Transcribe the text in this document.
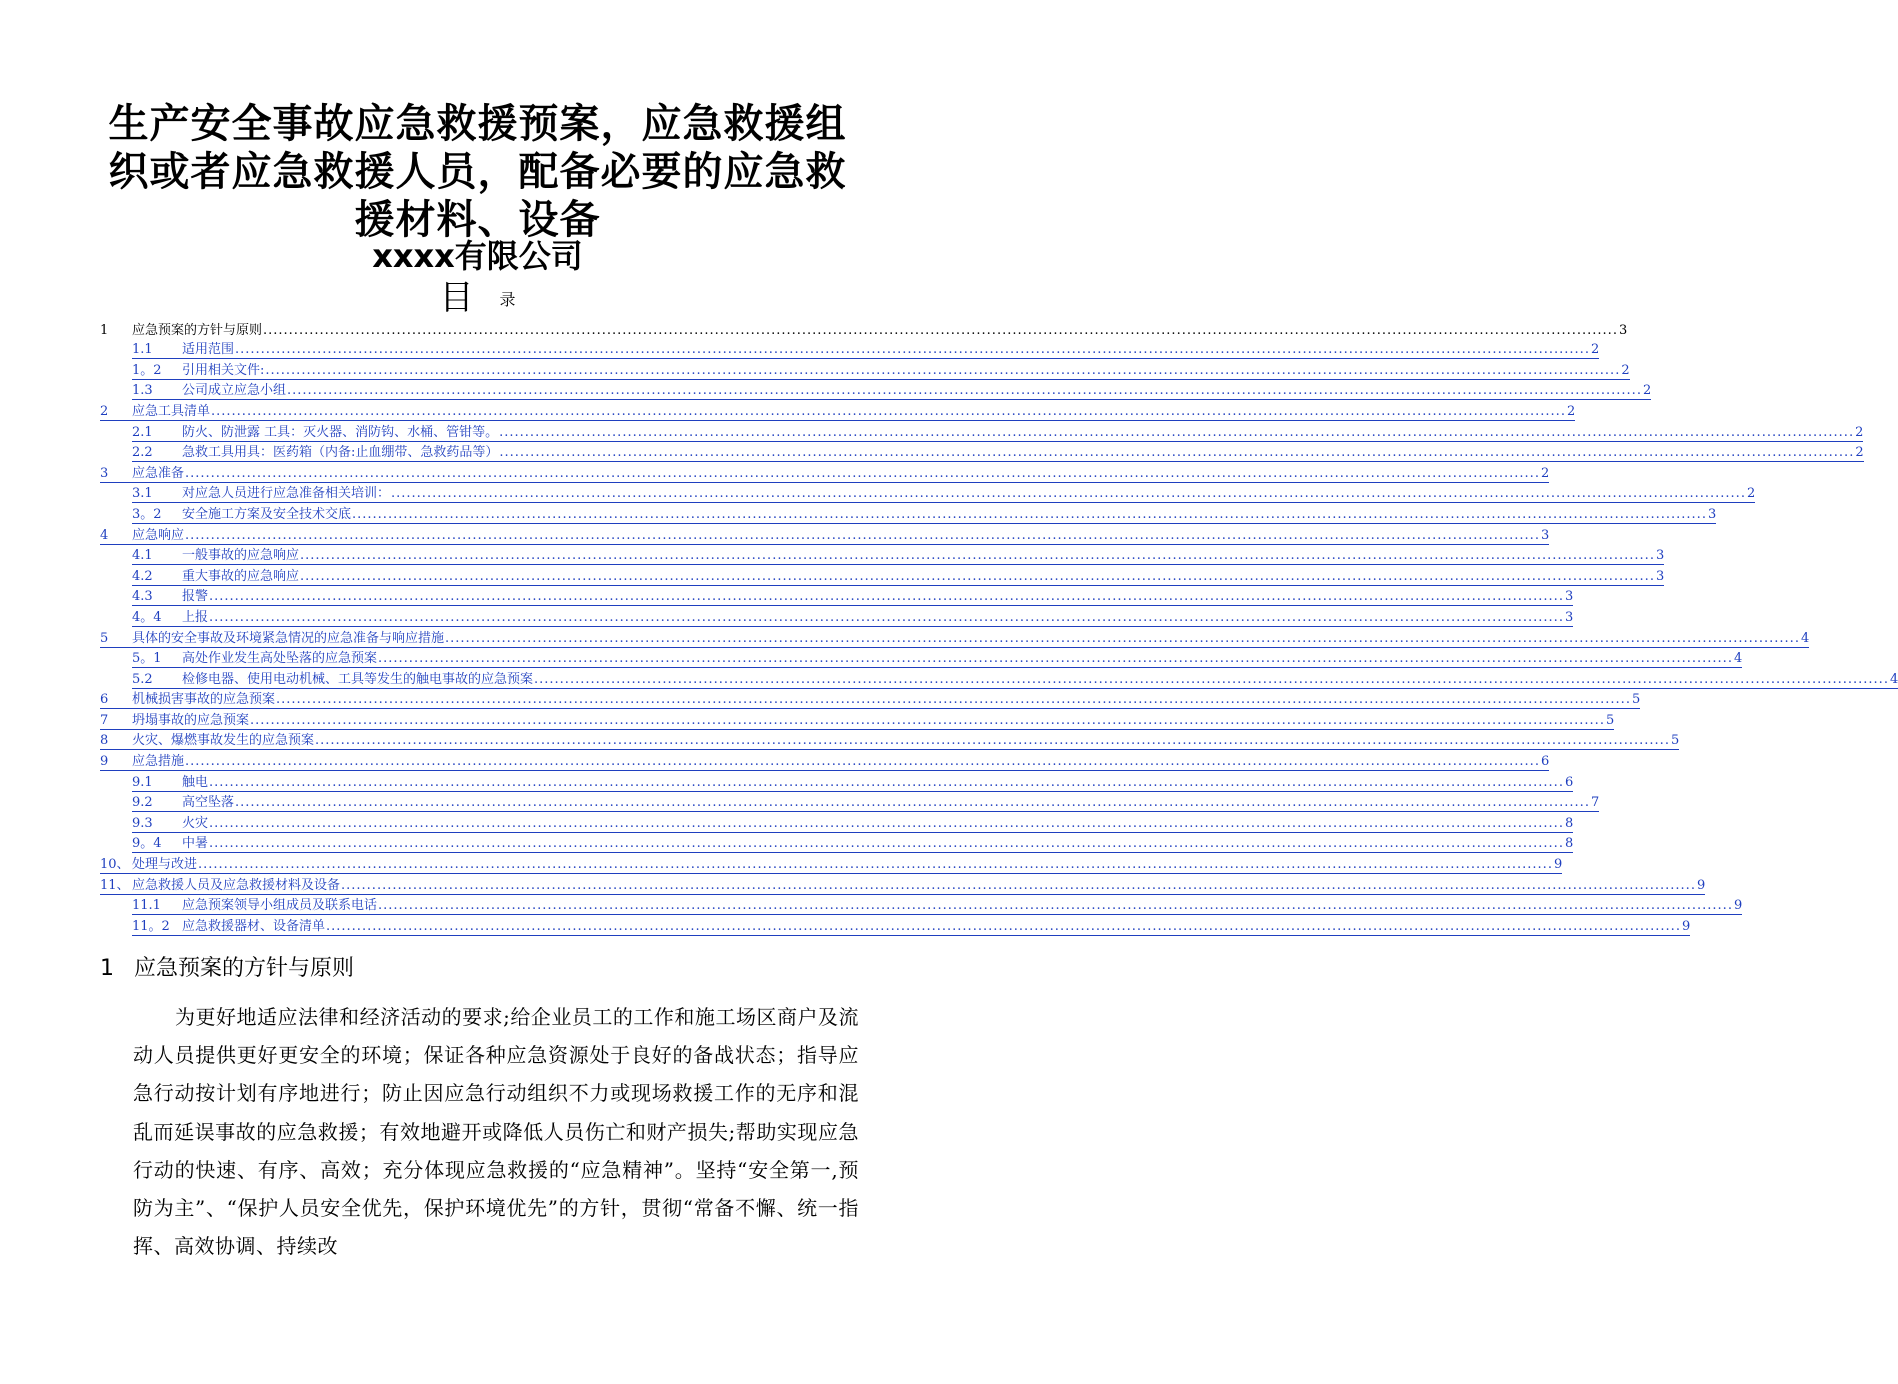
生产安全事故应急救援预案，应急救援组织或者应急救援人员，配备必要的应急救援材料、设备
xxxx有限公司
目 录
1	应急预案的方针与原则 .....	3
1.1	适用范围 .....	2
1。2	引用相关文件: .....	2
1.3	公司成立应急小组 .....	2
2	应急工具清单 .....	2
2.1	防火、防泄露 工具：灭火器、消防钩、水桶、管钳等。 .....	2
2.2	急救工具用具：医药箱（内备:止血绷带、急救药品等） .....	2
3	应急准备 .....	2
3.1	对应急人员进行应急准备相关培训： .....	2
3。2	安全施工方案及安全技术交底 .....	3
4	应急响应 .....	3
4.1	一般事故的应急响应 .....	3
4.2	重大事故的应急响应 .....	3
4.3	报警 .....	3
4。4	上报 .....	3
5	具体的安全事故及环境紧急情况的应急准备与响应措施 .....	4
5。1	高处作业发生高处坠落的应急预案 .....	4
5.2	检修电器、使用电动机械、工具等发生的触电事故的应急预案 .....	4
6	机械损害事故的应急预案 .....	5
7	坍塌事故的应急预案 .....	5
8	火灾、爆燃事故发生的应急预案 .....	5
9	应急措施 .....	6
9.1	触电 .....	6
9.2	高空坠落 .....	7
9.3	火灾 .....	8
9。4	中暑 .....	8
10、 处理与改进 .....	9
11、 应急救援人员及应急救援材料及设备 .....	9
11.1	应急预案领导小组成员及联系电话 .....	9
11。2 应急救援器材、设备清单 .....	9
1 应急预案的方针与原则
为更好地适应法律和经济活动的要求;给企业员工的工作和施工场区商户及流动人员提供更好更安全的环境；保证各种应急资源处于良好的备战状态；指导应急行动按计划有序地进行；防止因应急行动组织不力或现场救援工作的无序和混乱而延误事故的应急救援；有效地避开或降低人员伤亡和财产损失;帮助实现应急行动的快速、有序、高效；充分体现应急救援的“应急精神”。坚持“安全第一,预防为主”、“保护人员安全优先，保护环境优先”的方针，贯彻“常备不懈、统一指挥、高效协调、持续改
